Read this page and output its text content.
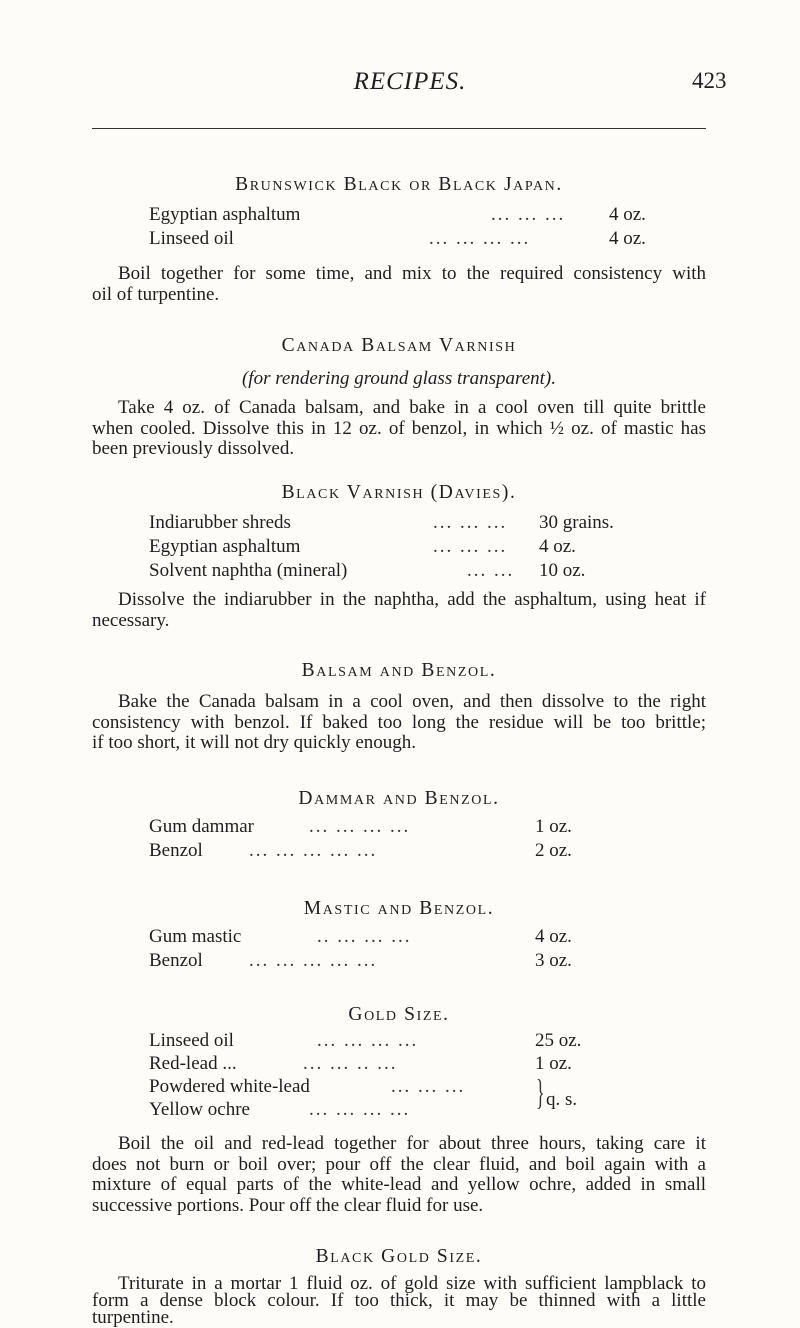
RECIPES.	423
Brunswick Black or Black Japan.
Egyptian asphaltum	... ... ... 4 oz.
Linseed oil	... ... ... ...	4 oz.
Boil together for some time, and mix to the required consistency with
oil of turpentine.
Canada Balsam Varnish
(for rendering ground glass transparent).
Take 4 oz. of Canada balsam, and bake in a cool oven till quite brittle
when cooled. Dissolve this in 12 oz. of benzol, in which ½ oz. of mastic has
been previously dissolved.
Black Varnish (Davies).
Indiarubber shreds	... ... ... 30 grains.
Egyptian asphaltum	... ... ... 4 oz.
Solvent naphtha (mineral)	... ... 10 oz.
Dissolve the indiarubber in the naphtha, add the asphaltum, using heat if
necessary.
Balsam and Benzol.
Bake the Canada balsam in a cool oven, and then dissolve to the right
consistency with benzol. If baked too long the residue will be too brittle;
if too short, it will not dry quickly enough.
Dammar and Benzol.
Gum dammar	... ... ... ...	1 oz.
Benzol ... ... ... ... ...	2 oz.
Mastic and Benzol.
Gum mastic	.. ... ... ...	4 oz.
Benzol ... ... ... ... ...	3 oz.
Gold Size.
Linseed oil	... ... ... ...	25 oz.
Red-lead ...	... ... .. ...	1 oz.
Powdered white-lead	... ... ...
Yellow ochre	... ... ... ...	} q. s.
Boil the oil and red-lead together for about three hours, taking care it
does not burn or boil over; pour off the clear fluid, and boil again with a
mixture of equal parts of the white-lead and yellow ochre, added in small
successive portions. Pour off the clear fluid for use.
Black Gold Size.
Triturate in a mortar 1 fluid oz. of gold size with sufficient lampblack to
form a dense block colour. If too thick, it may be thinned with a little
turpentine.
